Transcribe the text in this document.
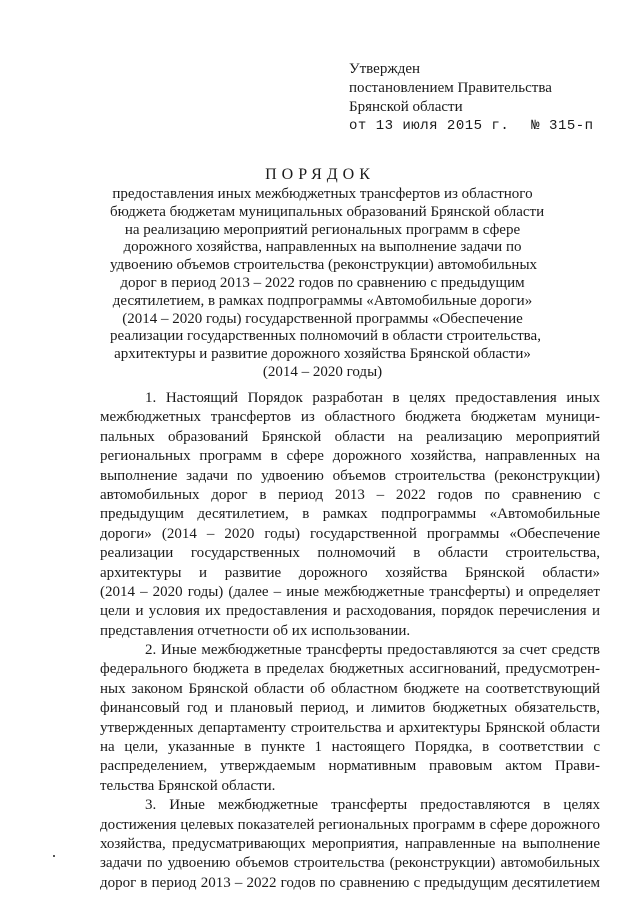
Утвержден
постановлением Правительства
Брянской области
от 13 июля 2015 г. № 315-п
ПОРЯДОК
предоставления иных межбюджетных трансфертов из областного
бюджета бюджетам муниципальных образований Брянской области
на реализацию мероприятий региональных программ в сфере
дорожного хозяйства, направленных на выполнение задачи по
удвоению объемов строительства (реконструкции) автомобильных
дорог в период 2013 – 2022 годов по сравнению с предыдущим
десятилетием, в рамках подпрограммы «Автомобильные дороги»
(2014 – 2020 годы) государственной программы «Обеспечение
реализации государственных полномочий в области строительства,
архитектуры и развитие дорожного хозяйства Брянской области»
(2014 – 2020 годы)
1. Настоящий Порядок разработан в целях предоставления иных
межбюджетных трансфертов из областного бюджета бюджетам муници-
пальных образований Брянской области на реализацию мероприятий
региональных программ в сфере дорожного хозяйства, направленных на
выполнение задачи по удвоению объемов строительства (реконструкции)
автомобильных дорог в период 2013 – 2022 годов по сравнению с
предыдущим десятилетием, в рамках подпрограммы «Автомобильные
дороги» (2014 – 2020 годы) государственной программы «Обеспечение
реализации государственных полномочий в области строительства,
архитектуры и развитие дорожного хозяйства Брянской области»
(2014 – 2020 годы) (далее – иные межбюджетные трансферты) и определяет
цели и условия их предоставления и расходования, порядок перечисления и
представления отчетности об их использовании.
2. Иные межбюджетные трансферты предоставляются за счет средств
федерального бюджета в пределах бюджетных ассигнований, предусмотрен-
ных законом Брянской области об областном бюджете на соответствующий
финансовый год и плановый период, и лимитов бюджетных обязательств,
утвержденных департаменту строительства и архитектуры Брянской области
на цели, указанные в пункте 1 настоящего Порядка, в соответствии с
распределением, утверждаемым нормативным правовым актом Прави-
тельства Брянской области.
3. Иные межбюджетные трансферты предоставляются в целях
достижения целевых показателей региональных программ в сфере дорожного
хозяйства, предусматривающих мероприятия, направленные на выполнение
задачи по удвоению объемов строительства (реконструкции) автомобильных
дорог в период 2013 – 2022 годов по сравнению с предыдущим десятилетием
